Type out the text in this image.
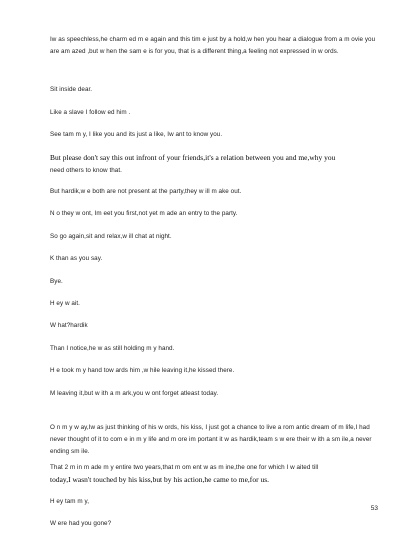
Iw as speechless,he charm ed m e again and this tim e just by a hold,w hen you hear a dialogue from a m ovie you are am azed ,but w hen the sam e is for you, that is a different thing,a feeling not expressed in w ords.

Sit inside dear.

Like a slave I follow ed him .

See tam m y, I like you and its just a like, Iw ant to know you.

But please don't say this out infront of your friends,it's a relation between you and me,why you
need others to know that.

But hardik,w e both are not present at the party,they w ill m ake out.

N o they w ont, Im eet you first,not yet m ade an entry to the party.

So go again,sit and relax,w ill chat at night.

K than as you say.

Bye.

H ey w ait.

W hat?hardik

Than I notice,he w as still holding m y hand.

H e took m y hand tow ards him ,w hile leaving it,he kissed there.

M leaving it,but w ith a m ark,you w ont forget atleast today.

O n m y w ay,Iw as just thinking of his w ords, his kiss, I just got a chance to live a rom antic dream of m life,I had never thought of it to com e in m y life and m ore im portant it w as hardik,team s w ere their w ith a sm ile,a never ending sm ile.

That 2 m in m ade m y entire two years,that m om ent w as m ine,the one for which I w aited till
today,I wasn't touched by his kiss,but by his action,he came to me,for us.

H ey tam m y,

W ere had you gone?

53
